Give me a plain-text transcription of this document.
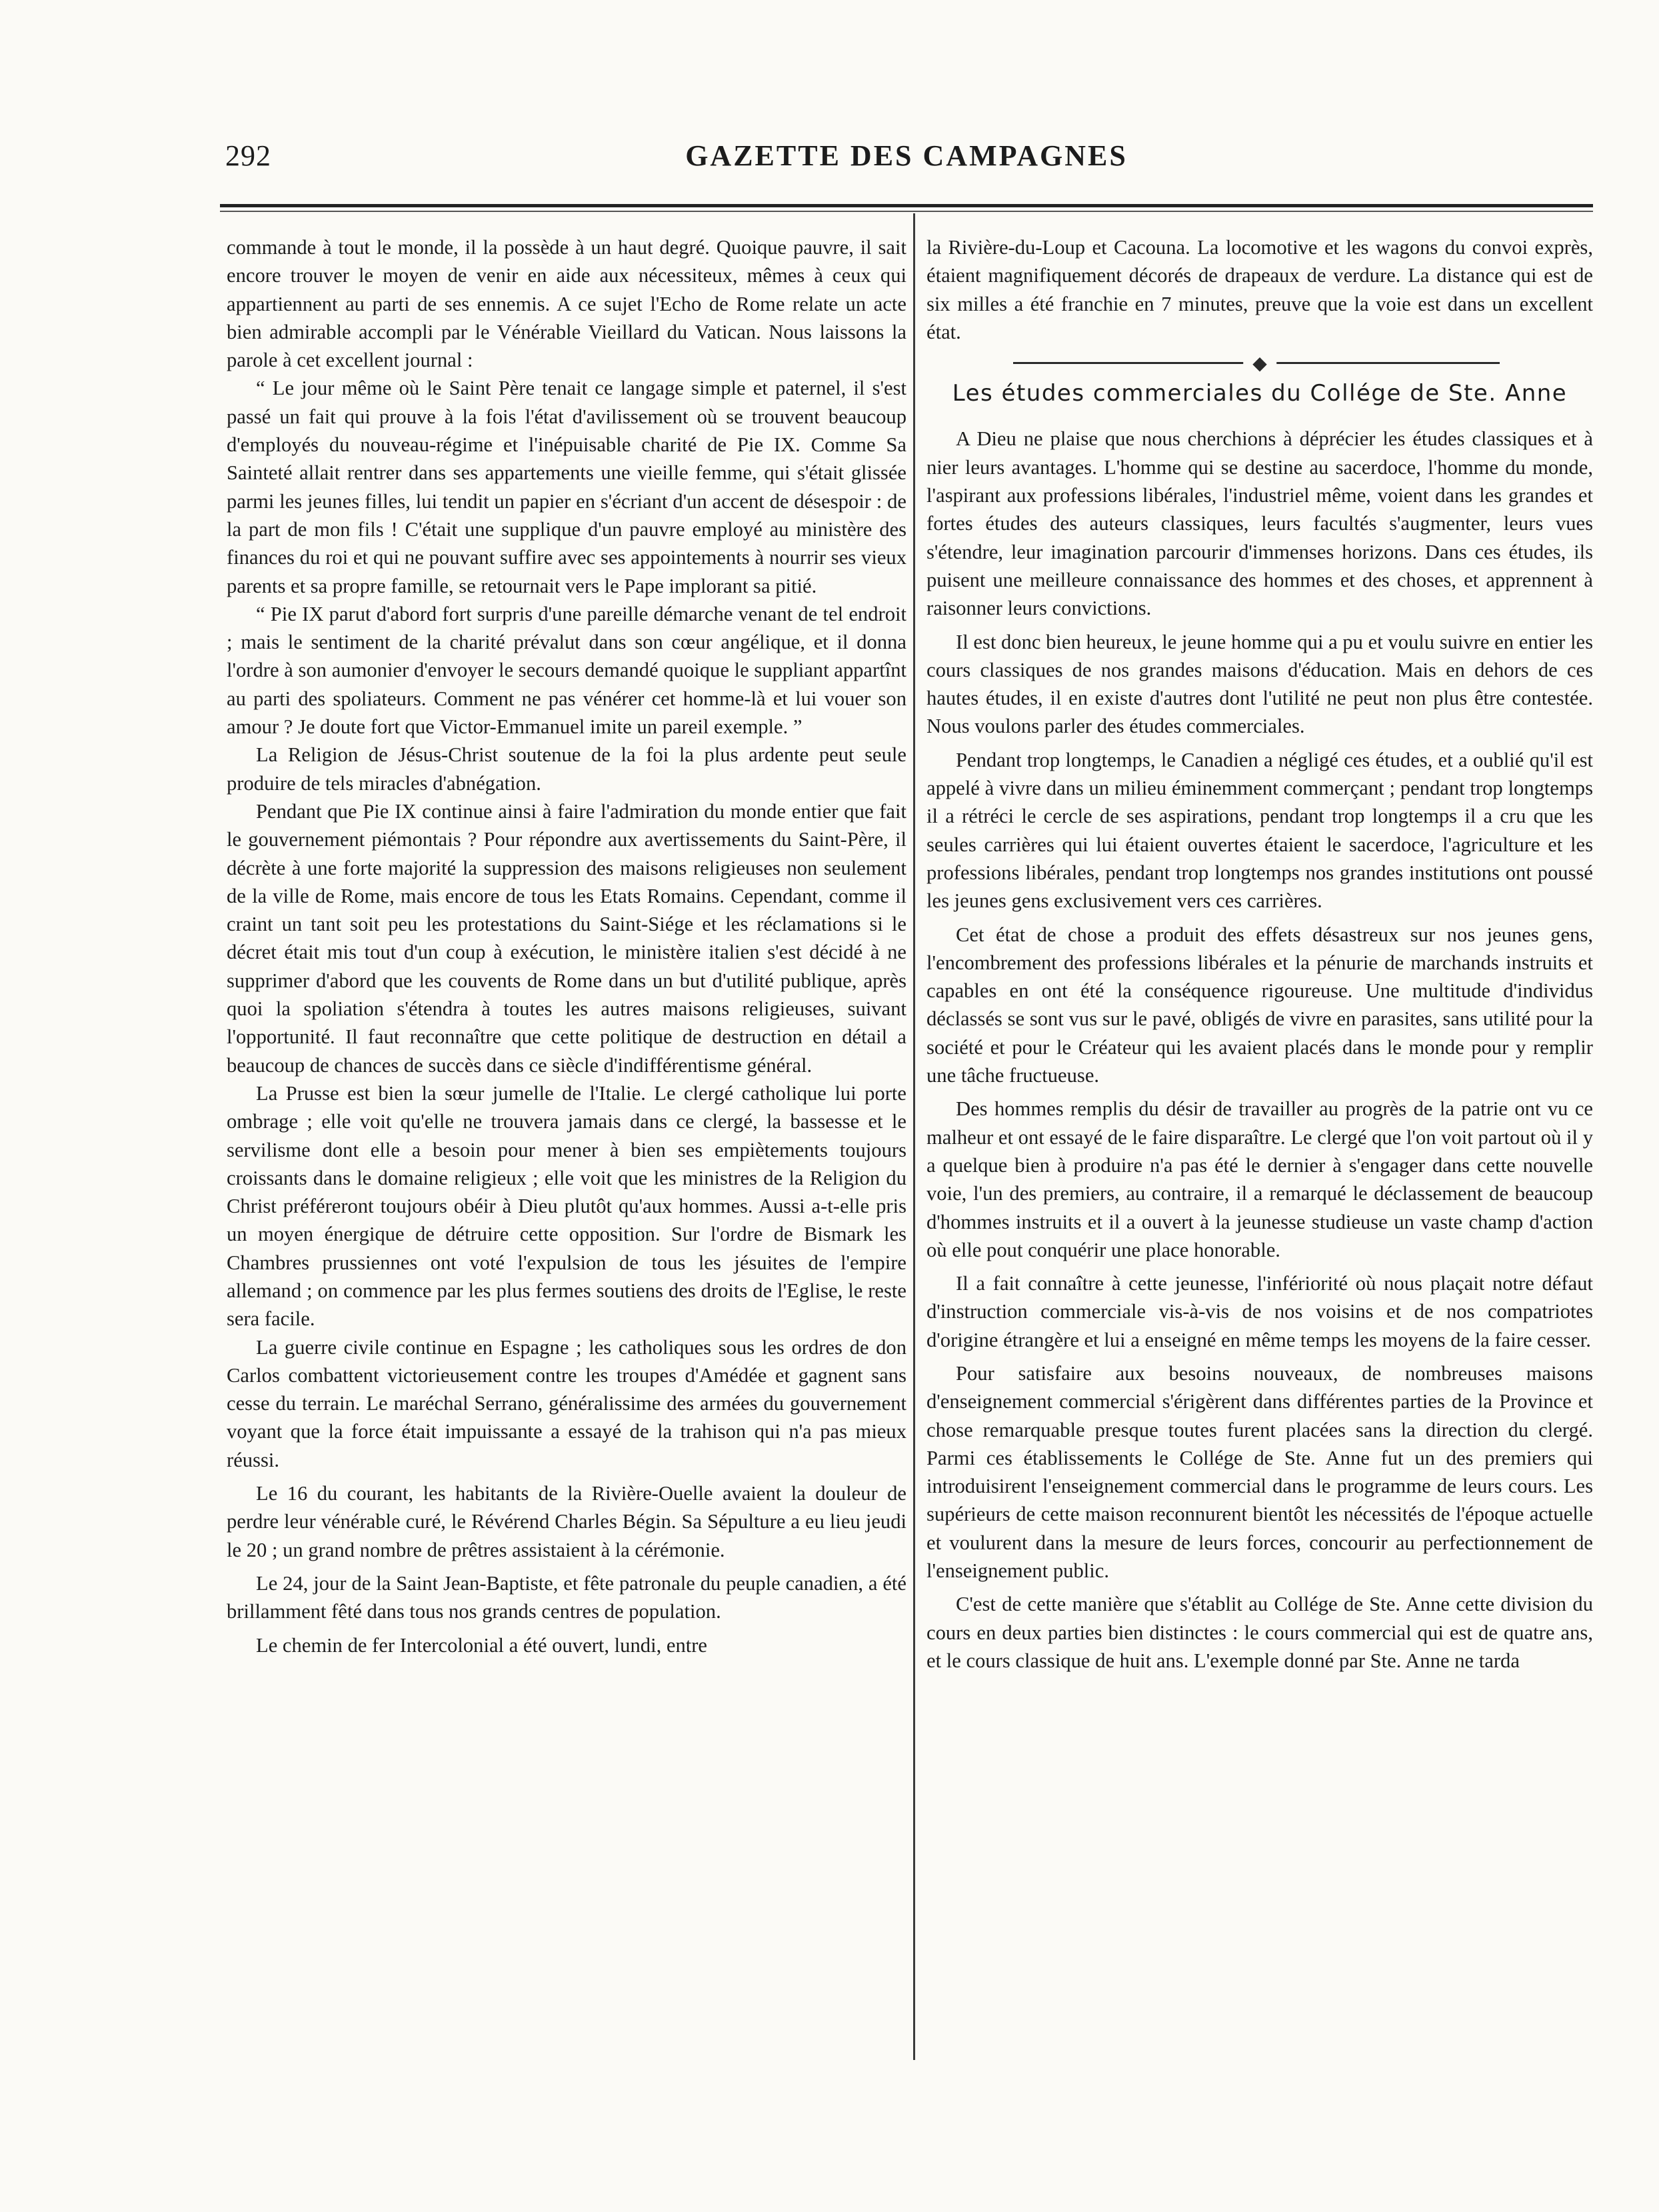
292	GAZETTE DES CAMPAGNES

commande à tout le monde, il la possède à un haut degré. Quoique pauvre, il sait encore trouver le moyen de venir en aide aux nécessiteux, mêmes à ceux qui appartiennent au parti de ses ennemis. A ce sujet l'Echo de Rome relate un acte bien admirable accompli par le Vénérable Vieillard du Vatican. Nous laissons la parole à cet excellent journal :

“ Le jour même où le Saint Père tenait ce langage simple et paternel, il s'est passé un fait qui prouve à la fois l'état d'avilissement où se trouvent beaucoup d'employés du nouveau-régime et l'inépuisable charité de Pie IX. Comme Sa Sainteté allait rentrer dans ses appartements une vieille femme, qui s'était glissée parmi les jeunes filles, lui tendit un papier en s'écriant d'un accent de désespoir : de la part de mon fils ! C'était une supplique d'un pauvre employé au ministère des finances du roi et qui ne pouvant suffire avec ses appointements à nourrir ses vieux parents et sa propre famille, se retournait vers le Pape implorant sa pitié.

“ Pie IX parut d'abord fort surpris d'une pareille démarche venant de tel endroit ; mais le sentiment de la charité prévalut dans son cœur angélique, et il donna l'ordre à son aumonier d'envoyer le secours demandé quoique le suppliant appartînt au parti des spoliateurs. Comment ne pas vénérer cet homme-là et lui vouer son amour ? Je doute fort que Victor-Emmanuel imite un pareil exemple. ”

La Religion de Jésus-Christ soutenue de la foi la plus ardente peut seule produire de tels miracles d'abnégation.

Pendant que Pie IX continue ainsi à faire l'admiration du monde entier que fait le gouvernement piémontais ? Pour répondre aux avertissements du Saint-Père, il décrète à une forte majorité la suppression des maisons religieuses non seulement de la ville de Rome, mais encore de tous les Etats Romains. Cependant, comme il craint un tant soit peu les protestations du Saint-Siége et les réclamations si le décret était mis tout d'un coup à exécution, le ministère italien s'est décidé à ne supprimer d'abord que les couvents de Rome dans un but d'utilité publique, après quoi la spoliation s'étendra à toutes les autres maisons religieuses, suivant l'opportunité. Il faut reconnaître que cette politique de destruction en détail a beaucoup de chances de succès dans ce siècle d'indifférentisme général.

La Prusse est bien la sœur jumelle de l'Italie. Le clergé catholique lui porte ombrage ; elle voit qu'elle ne trouvera jamais dans ce clergé, la bassesse et le servilisme dont elle a besoin pour mener à bien ses empiètements toujours croissants dans le domaine religieux ; elle voit que les ministres de la Religion du Christ préféreront toujours obéir à Dieu plutôt qu'aux hommes. Aussi a-t-elle pris un moyen énergique de détruire cette opposition. Sur l'ordre de Bismark les Chambres prussiennes ont voté l'expulsion de tous les jésuites de l'empire allemand ; on commence par les plus fermes soutiens des droits de l'Eglise, le reste sera facile.

La guerre civile continue en Espagne ; les catholiques sous les ordres de don Carlos combattent victorieusement contre les troupes d'Amédée et gagnent sans cesse du terrain. Le maréchal Serrano, généralissime des armées du gouvernement voyant que la force était impuissante a essayé de la trahison qui n'a pas mieux réussi.

Le 16 du courant, les habitants de la Rivière-Ouelle avaient la douleur de perdre leur vénérable curé, le Révérend Charles Bégin. Sa Sépulture a eu lieu jeudi le 20 ; un grand nombre de prêtres assistaient à la cérémonie.

Le 24, jour de la Saint Jean-Baptiste, et fête patronale du peuple canadien, a été brillamment fêté dans tous nos grands centres de population.

Le chemin de fer Intercolonial a été ouvert, lundi, entre

la Rivière-du-Loup et Cacouna. La locomotive et les wagons du convoi exprès, étaient magnifiquement décorés de drapeaux de verdure. La distance qui est de six milles a été franchie en 7 minutes, preuve que la voie est dans un excellent état.

◆
Les études commerciales du Collége de Ste. Anne

A Dieu ne plaise que nous cherchions à déprécier les études classiques et à nier leurs avantages. L'homme qui se destine au sacerdoce, l'homme du monde, l'aspirant aux professions libérales, l'industriel même, voient dans les grandes et fortes études des auteurs classiques, leurs facultés s'augmenter, leurs vues s'étendre, leur imagination parcourir d'immenses horizons. Dans ces études, ils puisent une meilleure connaissance des hommes et des choses, et apprennent à raisonner leurs convictions.

Il est donc bien heureux, le jeune homme qui a pu et voulu suivre en entier les cours classiques de nos grandes maisons d'éducation. Mais en dehors de ces hautes études, il en existe d'autres dont l'utilité ne peut non plus être contestée. Nous voulons parler des études commerciales.

Pendant trop longtemps, le Canadien a négligé ces études, et a oublié qu'il est appelé à vivre dans un milieu éminemment commerçant ; pendant trop longtemps il a rétréci le cercle de ses aspirations, pendant trop longtemps il a cru que les seules carrières qui lui étaient ouvertes étaient le sacerdoce, l'agriculture et les professions libérales, pendant trop longtemps nos grandes institutions ont poussé les jeunes gens exclusivement vers ces carrières.

Cet état de chose a produit des effets désastreux sur nos jeunes gens, l'encombrement des professions libérales et la pénurie de marchands instruits et capables en ont été la conséquence rigoureuse. Une multitude d'individus déclassés se sont vus sur le pavé, obligés de vivre en parasites, sans utilité pour la société et pour le Créateur qui les avaient placés dans le monde pour y remplir une tâche fructueuse.

Des hommes remplis du désir de travailler au progrès de la patrie ont vu ce malheur et ont essayé de le faire disparaître. Le clergé que l'on voit partout où il y a quelque bien à produire n'a pas été le dernier à s'engager dans cette nouvelle voie, l'un des premiers, au contraire, il a remarqué le déclassement de beaucoup d'hommes instruits et il a ouvert à la jeunesse studieuse un vaste champ d'action où elle pout conquérir une place honorable.

Il a fait connaître à cette jeunesse, l'infériorité où nous plaçait notre défaut d'instruction commerciale vis-à-vis de nos voisins et de nos compatriotes d'origine étrangère et lui a enseigné en même temps les moyens de la faire cesser.

Pour satisfaire aux besoins nouveaux, de nombreuses maisons d'enseignement commercial s'érigèrent dans différentes parties de la Province et chose remarquable presque toutes furent placées sans la direction du clergé. Parmi ces établissements le Collége de Ste. Anne fut un des premiers qui introduisirent l'enseignement commercial dans le programme de leurs cours. Les supérieurs de cette maison reconnurent bientôt les nécessités de l'époque actuelle et voulurent dans la mesure de leurs forces, concourir au perfectionnement de l'enseignement public.

C'est de cette manière que s'établit au Collége de Ste. Anne cette division du cours en deux parties bien distinctes : le cours commercial qui est de quatre ans, et le cours classique de huit ans. L'exemple donné par Ste. Anne ne tarda
